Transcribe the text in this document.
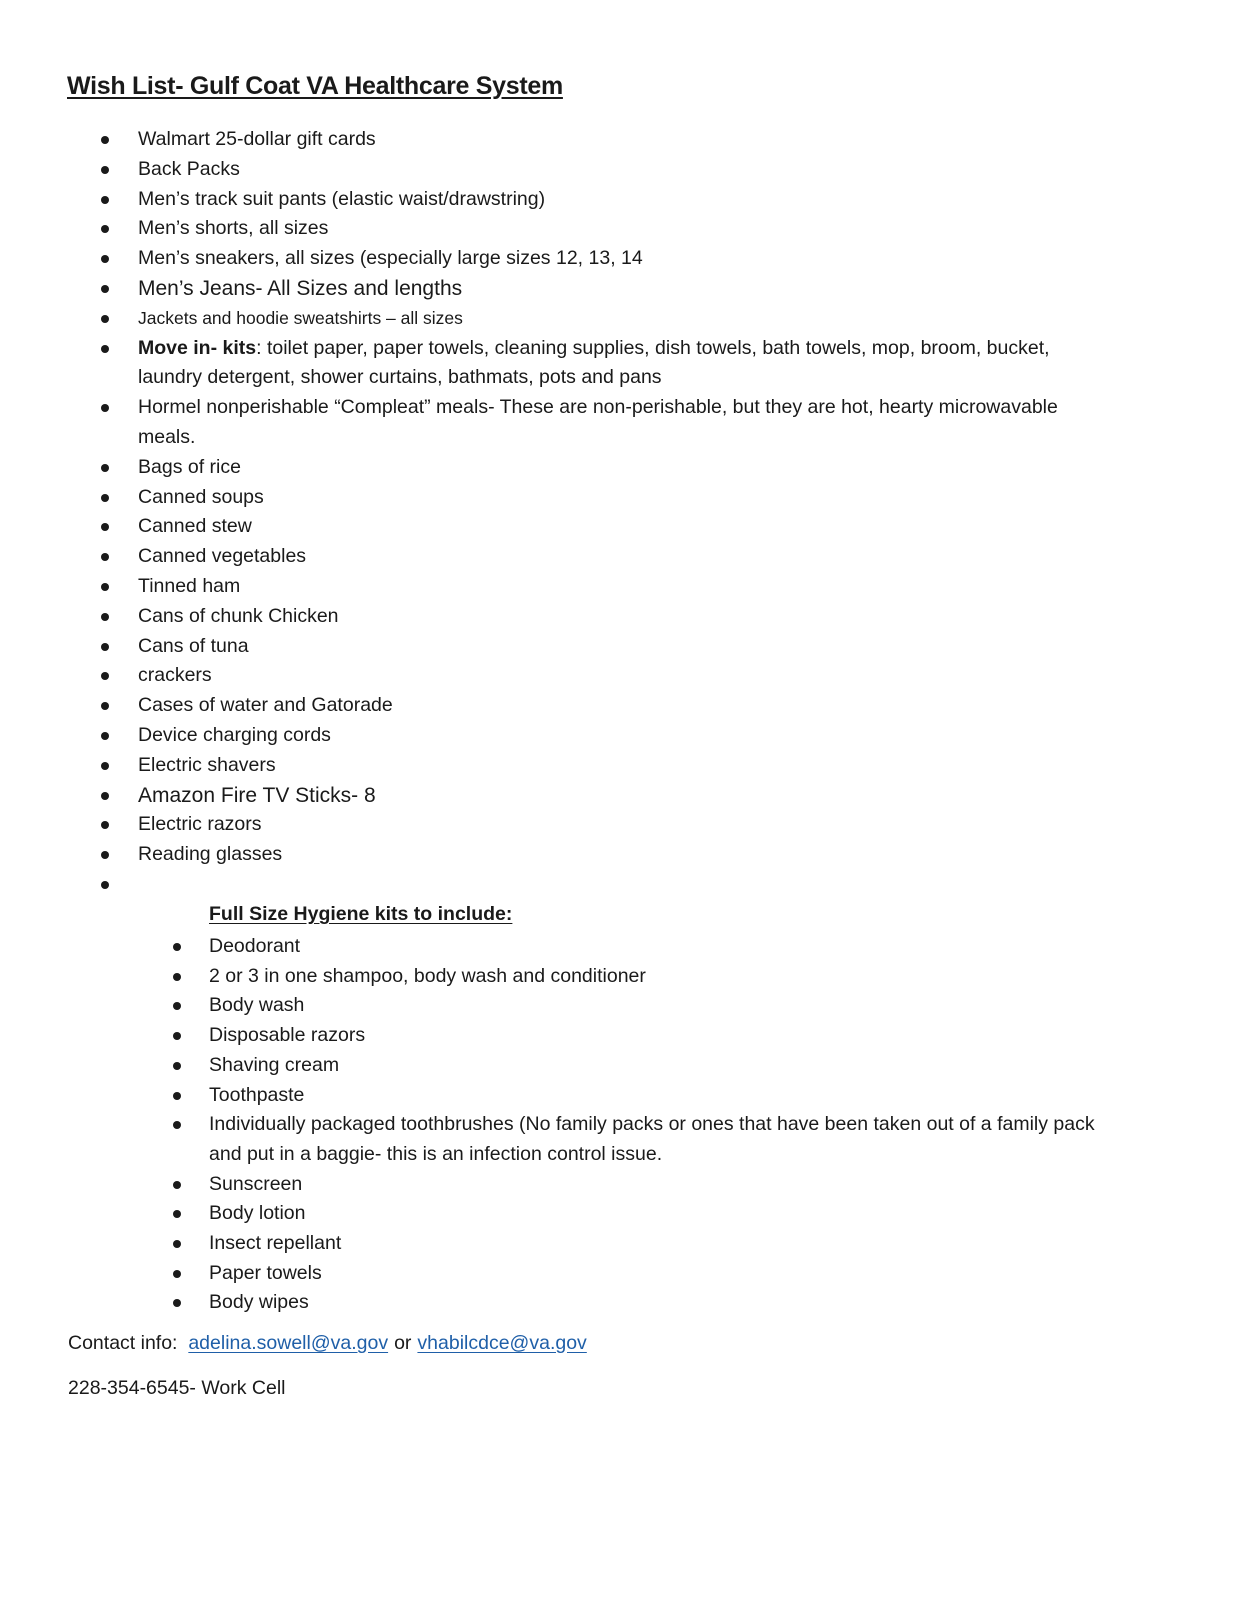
Wish List- Gulf Coat VA Healthcare System
Walmart 25-dollar gift cards
Back Packs
Men’s track suit pants (elastic waist/drawstring)
Men’s shorts, all sizes
Men’s sneakers, all sizes (especially large sizes 12, 13, 14
Men’s Jeans- All Sizes and lengths
Jackets and hoodie sweatshirts – all sizes
Move in- kits: toilet paper, paper towels, cleaning supplies, dish towels, bath towels, mop, broom, bucket, laundry detergent, shower curtains, bathmats, pots and pans
Hormel nonperishable “Compleat” meals- These are non-perishable, but they are hot, hearty microwavable meals.
Bags of rice
Canned soups
Canned stew
Canned vegetables
Tinned ham
Cans of chunk Chicken
Cans of tuna
crackers
Cases of water and Gatorade
Device charging cords
Electric shavers
Amazon Fire TV Sticks- 8
Electric razors
Reading glasses

Full Size Hygiene kits to include:
Deodorant
2 or 3 in one shampoo, body wash and conditioner
Body wash
Disposable razors
Shaving cream
Toothpaste
Individually packaged toothbrushes (No family packs or ones that have been taken out of a family pack and put in a baggie- this is an infection control issue.
Sunscreen
Body lotion
Insect repellant
Paper towels
Body wipes
Contact info: adelina.sowell@va.gov or vhabilcdce@va.gov
228-354-6545- Work Cell
